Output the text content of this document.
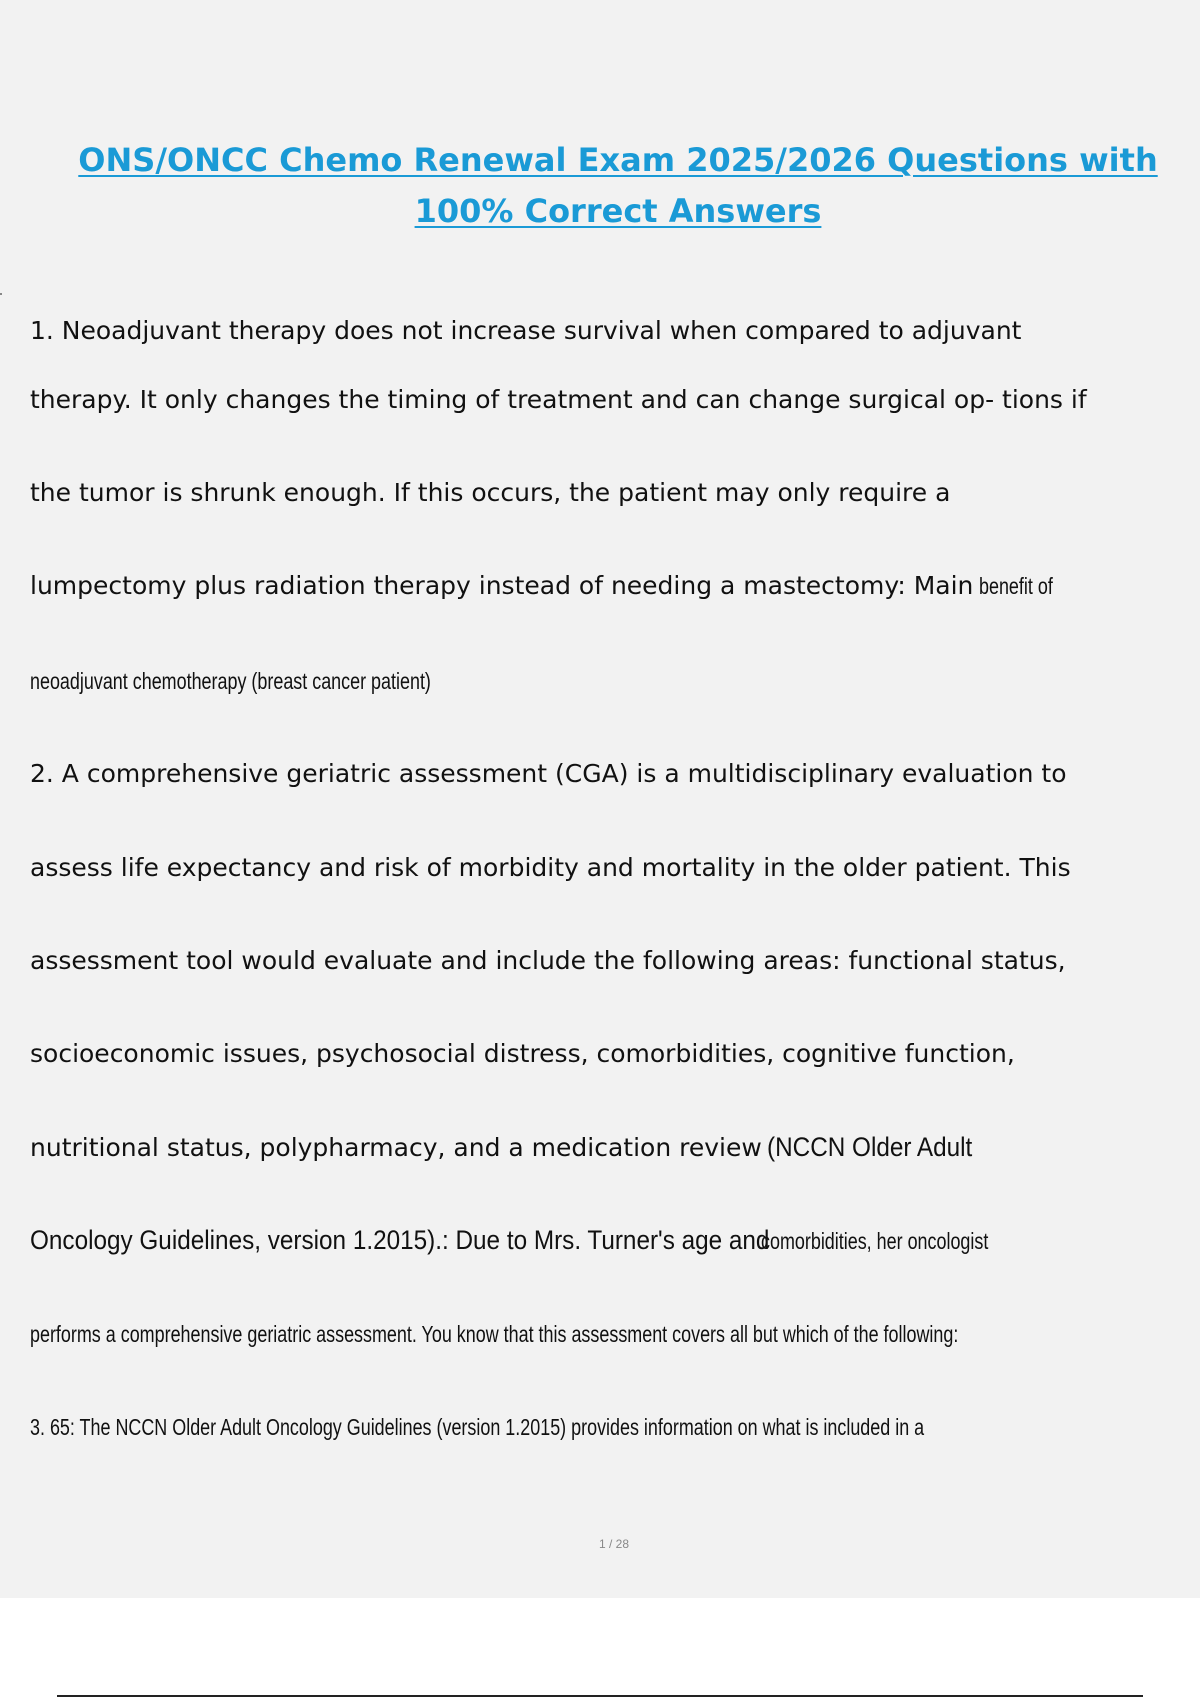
ONS/ONCC Chemo Renewal Exam 2025/2026 Questions with
100% Correct Answers
1. Neoadjuvant therapy does not increase survival when compared to adjuvant
therapy. It only changes the timing of treatment and can change surgical op- tions if
the tumor is shrunk enough. If this occurs, the patient may only require a
lumpectomy plus radiation therapy instead of needing a mastectomy: Main benefit of
neoadjuvant chemotherapy (breast cancer patient)
2. A comprehensive geriatric assessment (CGA) is a multidisciplinary evaluation to
assess life expectancy and risk of morbidity and mortality in the older patient. This
assessment tool would evaluate and include the following areas: functional status,
socioeconomic issues, psychosocial distress, comorbidities, cognitive function,
nutritional status, polypharmacy, and a medication review (NCCN Older Adult
Oncology Guidelines, version 1.2015).: Due to Mrs. Turner's age and comorbidities, her oncologist
performs a comprehensive geriatric assessment. You know that this assessment covers all but which of the following:
3. 65: The NCCN Older Adult Oncology Guidelines (version 1.2015) provides information on what is included in a
1 / 28
